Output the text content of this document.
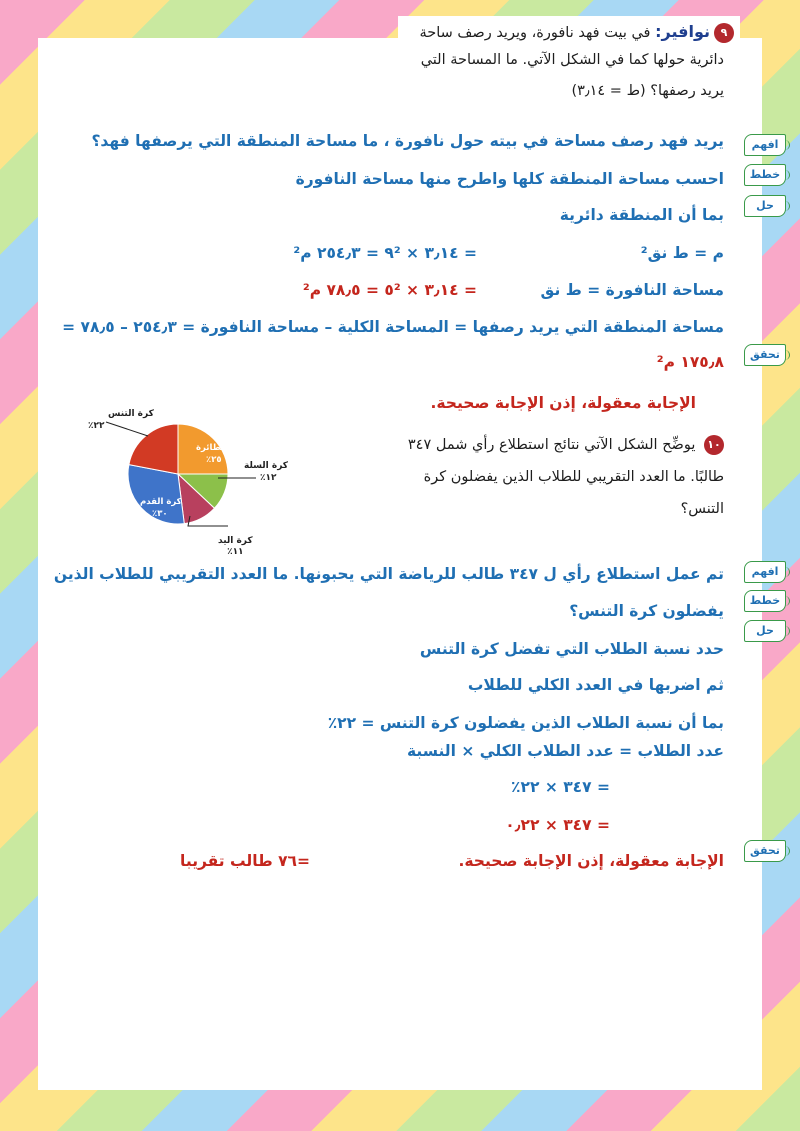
٩نوافير: في بيت فهد نافورة، ويريد رصف ساحة
دائرية حولها كما في الشكل الآتي. ما المساحة التي
يريد رصفها؟ (ط = ٣٫١٤)
افهم
خطط
حل
تحقق
يريد فهد رصف مساحة في بيته حول نافورة ، ما مساحة المنطقة التي يرصفها فهد؟
احسب مساحة المنطقة كلها واطرح منها مساحة النافورة
بما أن المنطقة دائرية
م = ط نق²
= ٣٫١٤ × ٩² = ٢٥٤٫٣ م²
مساحة النافورة = ط نق
= ٣٫١٤ × ٥² = ٧٨٫٥ م²
مساحة المنطقة التي يريد رصفها = المساحة الكلية – مساحة النافورة = ٢٥٤٫٣ – ٧٨٫٥ =
١٧٥٫٨ م²
الإجابة معقولة، إذن الإجابة صحيحة.
كرة التنس
٪٢٢
كرة السلة
٪١٢
كرة الطائرة
٪٢٥
كرة القدم
٪٣٠
كرة اليد
٪١١
١٠ يوضِّح الشكل الآتي نتائج استطلاع رأي شمل ٣٤٧
طالبًا. ما العدد التقريبي للطلاب الذين يفضلون كرة
التنس؟
افهم
خطط
حل
تحقق
تم عمل استطلاع رأي ل ٣٤٧ طالب للرياضة التي يحبونها. ما العدد التقريبي للطلاب الذين
يفضلون كرة التنس؟
حدد نسبة الطلاب التي تفضل كرة التنس
ثم اضربها في العدد الكلي للطلاب
بما أن نسبة الطلاب الذين يفضلون كرة التنس = ٢٢٪
عدد الطلاب = عدد الطلاب الكلي × النسبة
= ٣٤٧ × ٢٢٪
= ٣٤٧ × ٠٫٢٢
الإجابة معقولة، إذن الإجابة صحيحة.
=٧٦ طالب تقريبا
